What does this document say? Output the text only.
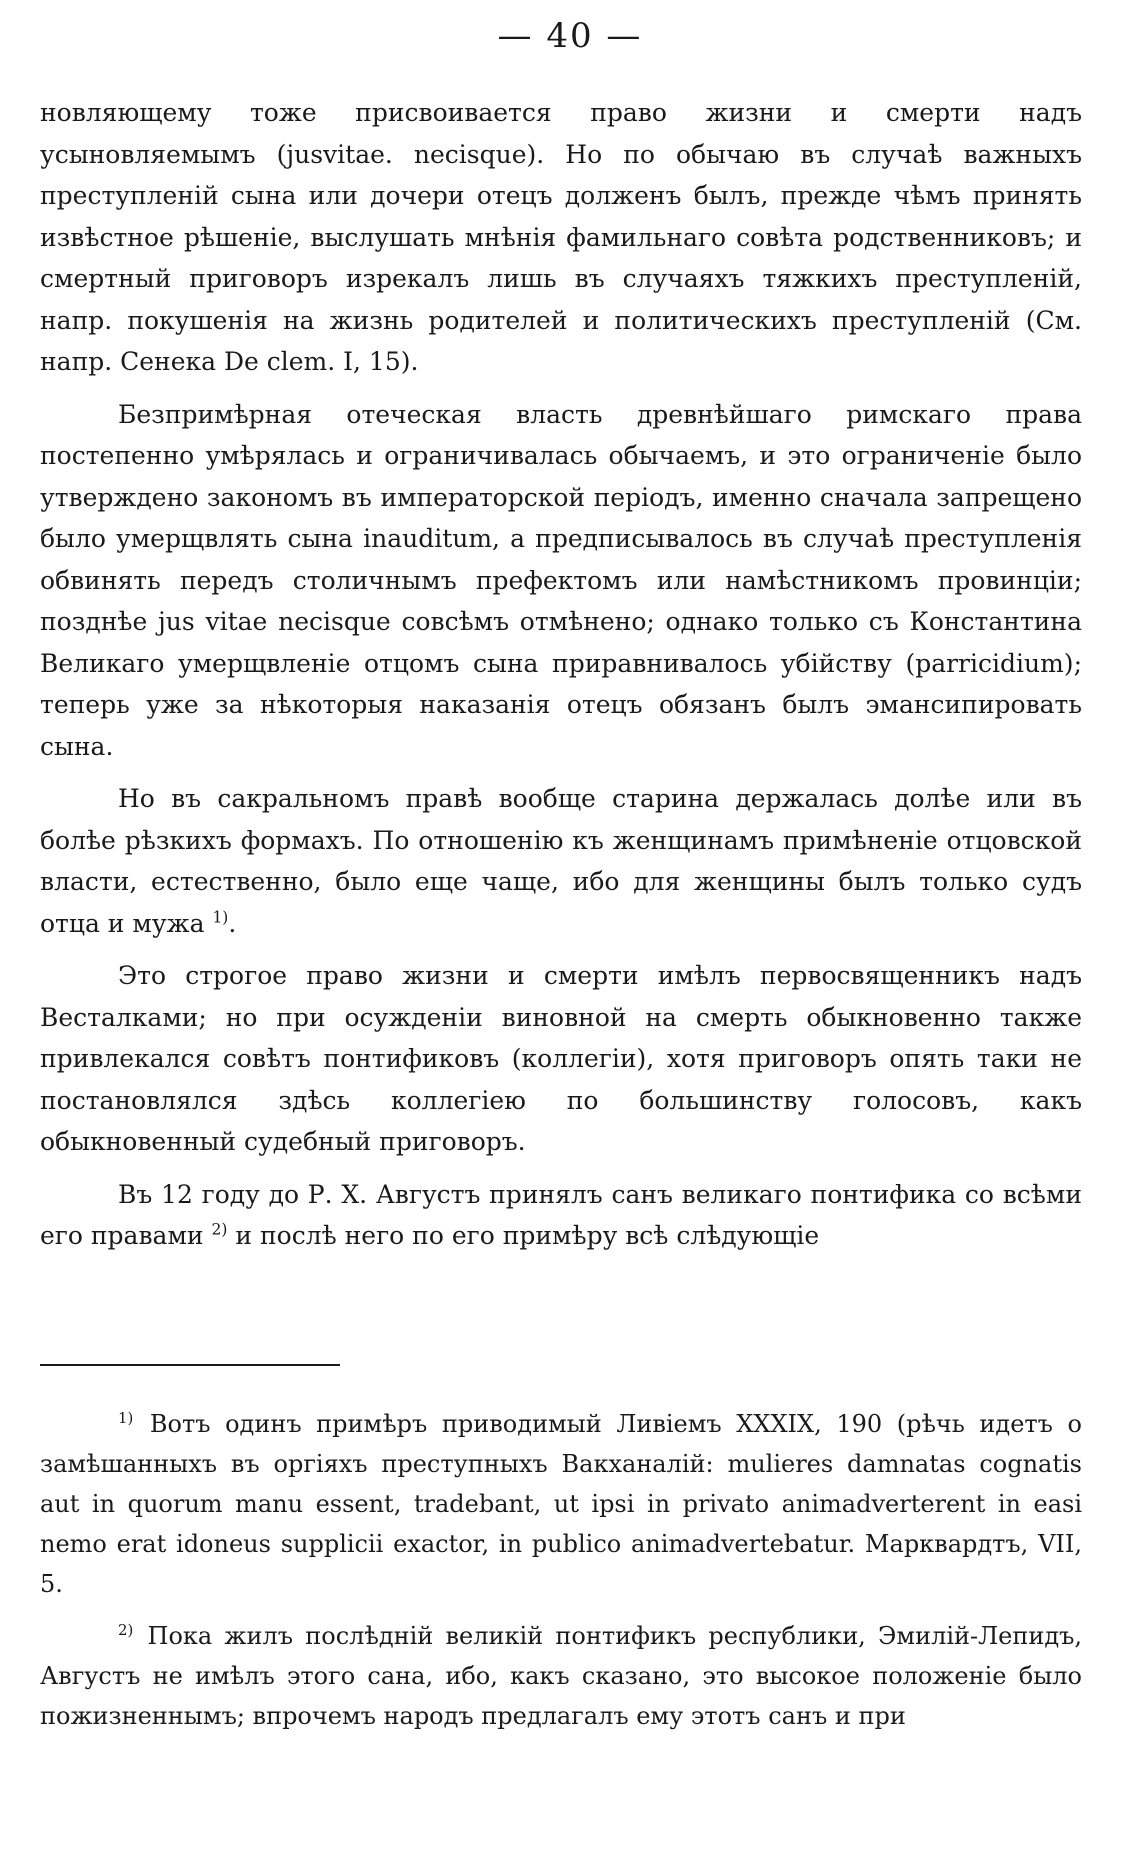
— 40 —

новляющему тоже присвоивается право жизни и смерти надъ усыновляемымъ (jusvitae. necisque). Но по обычаю въ случаѣ важныхъ преступленій сына или дочери отецъ долженъ былъ, прежде чѣмъ принять извѣстное рѣшеніе, выслушать мнѣнія фамильнаго совѣта родственниковъ; и смертный приговоръ изрекалъ лишь въ случаяхъ тяжкихъ преступленій, напр. покушенія на жизнь родителей и политическихъ преступленій (См. напр. Сенека De clem. I, 15).

Безпримѣрная отеческая власть древнѣйшаго римскаго права постепенно умѣрялась и ограничивалась обычаемъ, и это ограниченіе было утверждено закономъ въ императорской періодъ, именно сначала запрещено было умерщвлять сына inauditum, а предписывалось въ случаѣ преступленія обвинять передъ столичнымъ префектомъ или намѣстникомъ провинціи; позднѣе jus vitae necisque совсѣмъ отмѣнено; однако только съ Константина Великаго умерщвленіе отцомъ сына приравнивалось убійству (parricidium); теперь уже за нѣкоторыя наказанія отецъ обязанъ былъ эмансипировать сына.

Но въ сакральномъ правѣ вообще старина держалась долѣе или въ болѣе рѣзкихъ формахъ. По отношенію къ женщинамъ примѣненіе отцовской власти, естественно, было еще чаще, ибо для женщины былъ только судъ отца и мужа $^{1)}$.

Это строгое право жизни и смерти имѣлъ первосвященникъ надъ Весталками; но при осужденіи виновной на смерть обыкновенно также привлекался совѣтъ понтификовъ (коллегіи), хотя приговоръ опять таки не постановлялся здѣсь коллегіею по большинству голосовъ, какъ обыкновенный судебный приговоръ.

Въ 12 году до Р. Х. Августъ принялъ санъ великаго понтифика со всѣми его правами $^{2)}$ и послѣ него по его примѣру всѣ слѣдующіе

$^{1)}$ Вотъ одинъ примѣръ приводимый Ливіемъ XXXIX, 190 (рѣчь идетъ о замѣшанныхъ въ оргіяхъ преступныхъ Вакханалій: mulieres damnatas cognatis aut in quorum manu essent, tradebant, ut ipsi in privato animadverterent in easi nemo erat idoneus supplicii exactor, in publico animadvertebatur. Марквардтъ, VII, 5.

$^{2)}$ Пока жилъ послѣдній великій понтификъ республики, Эмилій-Лепидъ, Августъ не имѣлъ этого сана, ибо, какъ сказано, это высокое положеніе было пожизненнымъ; впрочемъ народъ предлагалъ ему этотъ санъ и при
